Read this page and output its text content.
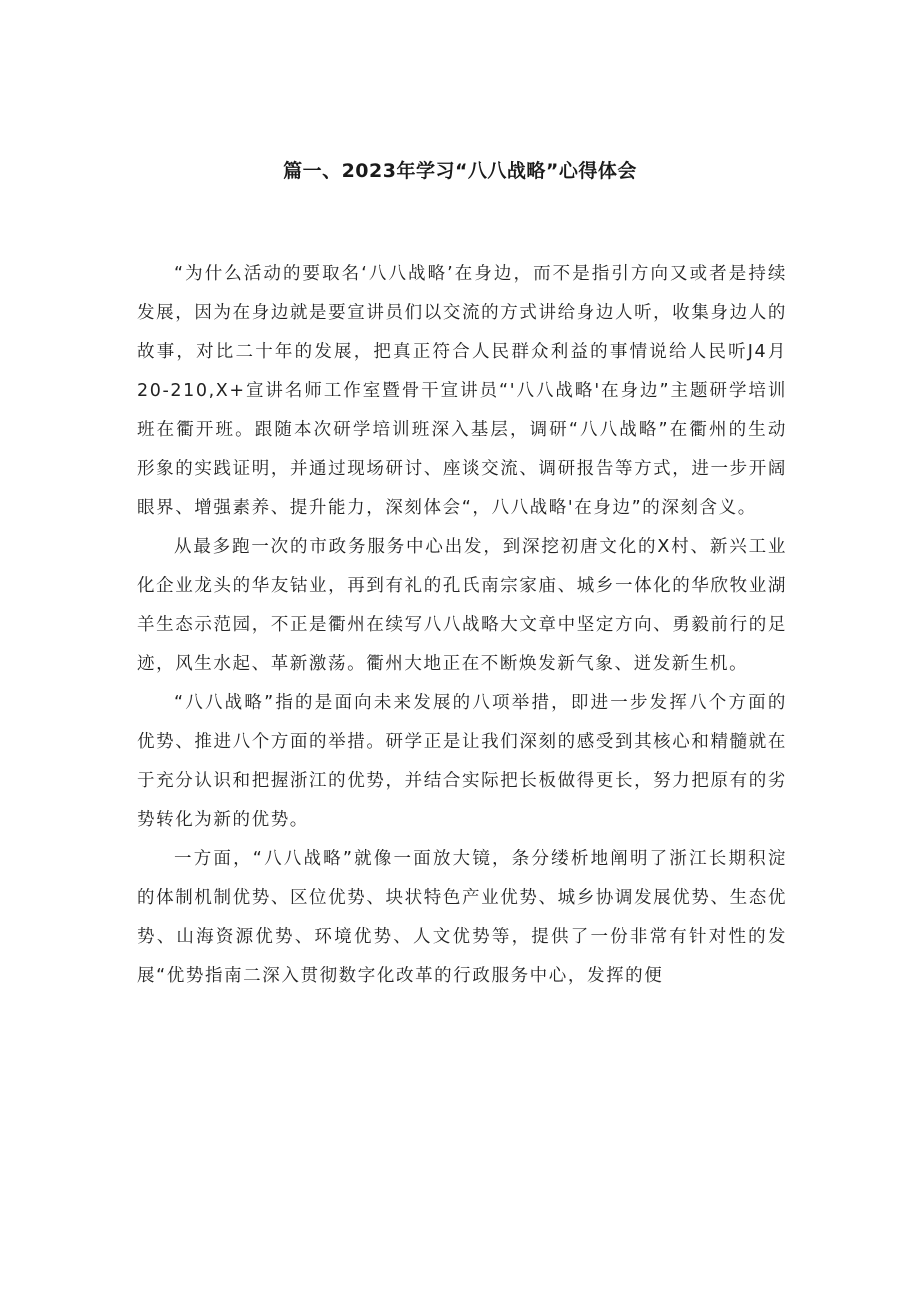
篇一、2023年学习“八八战略”心得体会

“为什么活动的要取名‘八八战略’在身边，而不是指引方向又或者是持续发展，因为在身边就是要宣讲员们以交流的方式讲给身边人听，收集身边人的故事，对比二十年的发展，把真正符合人民群众利益的事情说给人民听J4月20-210,X+宣讲名师工作室暨骨干宣讲员“'八八战略'在身边”主题研学培训班在衢开班。跟随本次研学培训班深入基层，调研“八八战略”在衢州的生动形象的实践证明，并通过现场研讨、座谈交流、调研报告等方式，进一步开阔眼界、增强素养、提升能力，深刻体会“，八八战略'在身边”的深刻含义。

从最多跑一次的市政务服务中心出发，到深挖初唐文化的X村、新兴工业化企业龙头的华友钴业，再到有礼的孔氏南宗家庙、城乡一体化的华欣牧业湖羊生态示范园，不正是衢州在续写八八战略大文章中坚定方向、勇毅前行的足迹，风生水起、革新激荡。衢州大地正在不断焕发新气象、迸发新生机。

“八八战略”指的是面向未来发展的八项举措，即进一步发挥八个方面的优势、推进八个方面的举措。研学正是让我们深刻的感受到其核心和精髓就在于充分认识和把握浙江的优势，并结合实际把长板做得更长，努力把原有的劣势转化为新的优势。

一方面，“八八战略”就像一面放大镜，条分缕析地阐明了浙江长期积淀的体制机制优势、区位优势、块状特色产业优势、城乡协调发展优势、生态优势、山海资源优势、环境优势、人文优势等，提供了一份非常有针对性的发展“优势指南二深入贯彻数字化改革的行政服务中心，发挥的便
